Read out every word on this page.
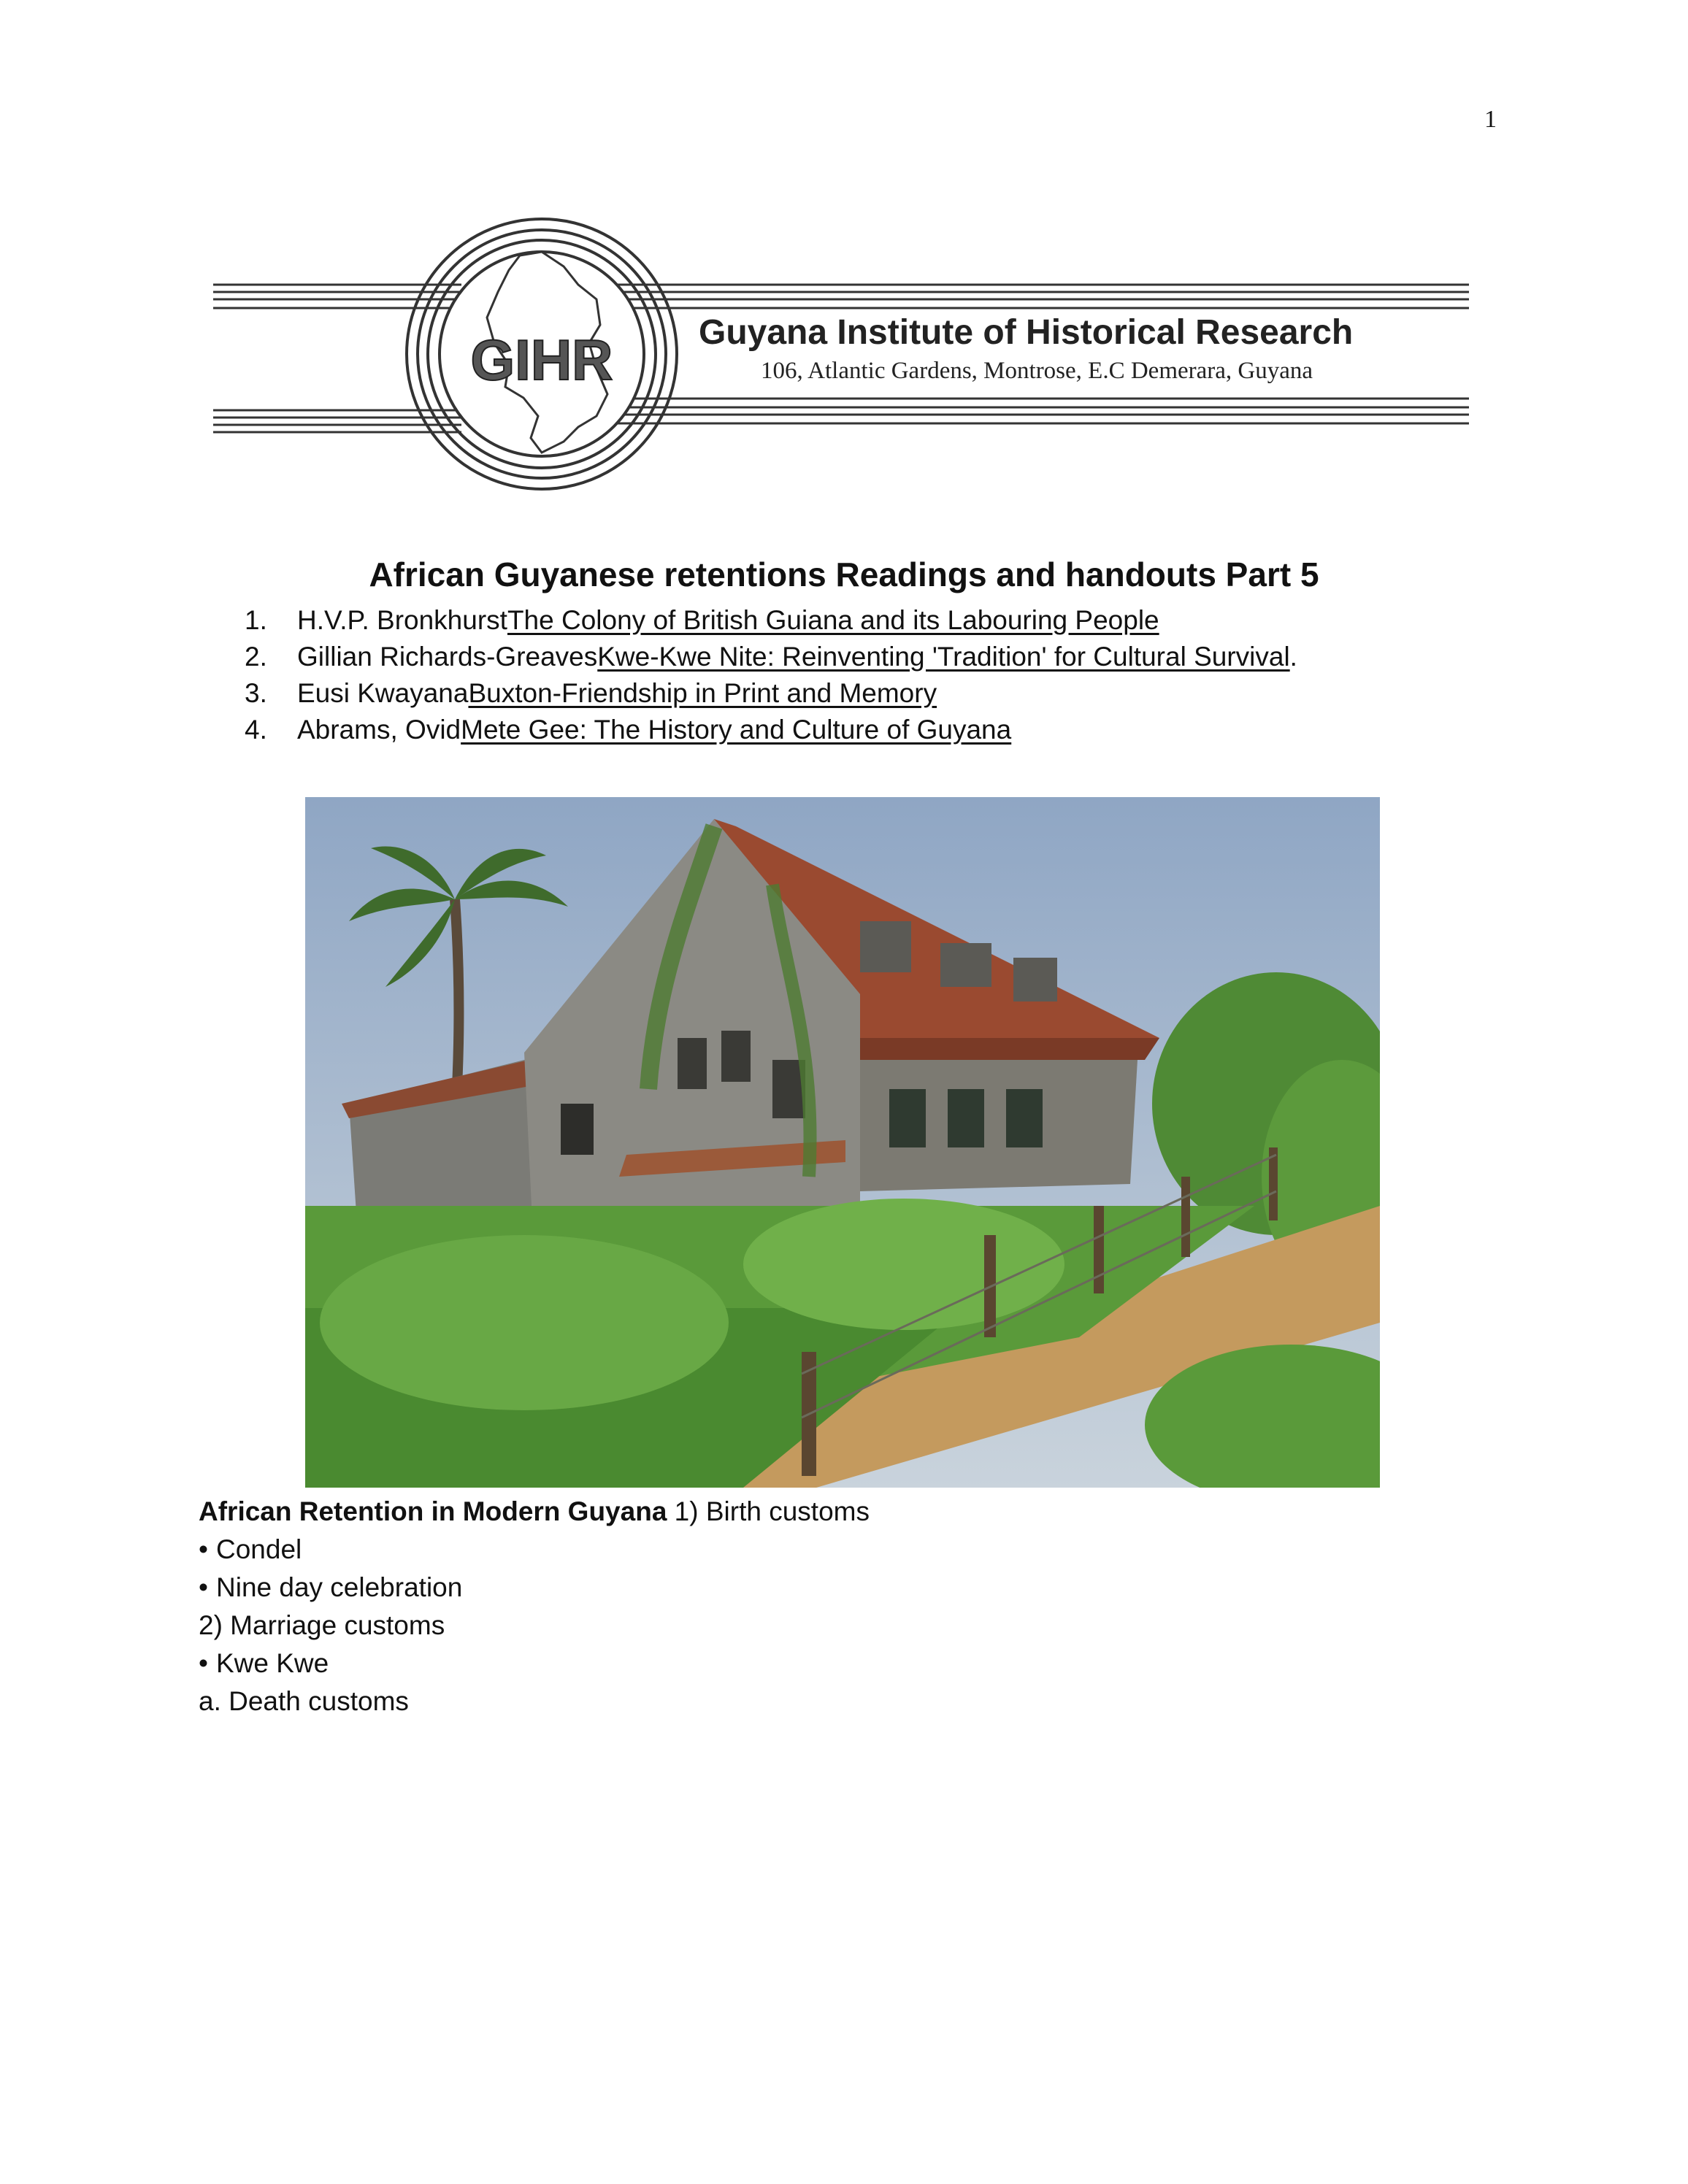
1
GIHR Guyana Institute of Historical Research
106, Atlantic Gardens, Montrose, E.C Demerara, Guyana
African Guyanese retentions Readings and handouts Part 5
1.	H.V.P. Bronkhurst The Colony of British Guiana and its Labouring People
2.	Gillian Richards-Greaves Kwe-Kwe Nite: Reinventing 'Tradition' for Cultural Survival .
3.	Eusi Kwayana Buxton-Friendship in Print and Memory
4.	Abrams, Ovid Mete Gee: The History and Culture of Guyana
African Retention in Modern Guyana 1) Birth customs
• Condel
• Nine day celebration
2) Marriage customs
• Kwe Kwe
a. Death customs
